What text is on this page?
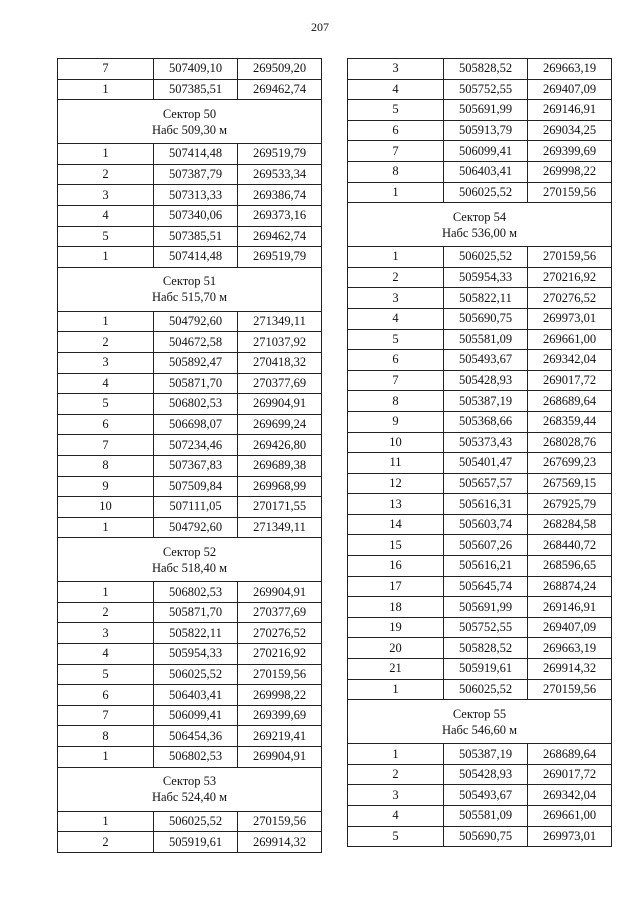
207
7	507409,10	269509,20
1	507385,51	269462,74

Сектор 50
Набс 509,30 м		

1	507414,48	269519,79
2	507387,79	269533,34
3	507313,33	269386,74
4	507340,06	269373,16
5	507385,51	269462,74
1	507414,48	269519,79

Сектор 51
Набс 515,70 м		

1	504792,60	271349,11
2	504672,58	271037,92
3	505892,47	270418,32
4	505871,70	270377,69
5	506802,53	269904,91
6	506698,07	269699,24
7	507234,46	269426,80
8	507367,83	269689,38
9	507509,84	269968,99
10	507111,05	270171,55
1	504792,60	271349,11

Сектор 52
Набс 518,40 м		

1	506802,53	269904,91
2	505871,70	270377,69
3	505822,11	270276,52
4	505954,33	270216,92
5	506025,52	270159,56
6	506403,41	269998,22
7	506099,41	269399,69
8	506454,36	269219,41
1	506802,53	269904,91

Сектор 53
Набс 524,40 м		

1	506025,52	270159,56
2	505919,61	269914,32
3	505828,52	269663,19
4	505752,55	269407,09
5	505691,99	269146,91
6	505913,79	269034,25
7	506099,41	269399,69
8	506403,41	269998,22
1	506025,52	270159,56

Сектор 54
Набс 536,00 м		

1	506025,52	270159,56
2	505954,33	270216,92
3	505822,11	270276,52
4	505690,75	269973,01
5	505581,09	269661,00
6	505493,67	269342,04
7	505428,93	269017,72
8	505387,19	268689,64
9	505368,66	268359,44
10	505373,43	268028,76
11	505401,47	267699,23
12	505657,57	267569,15
13	505616,31	267925,79
14	505603,74	268284,58
15	505607,26	268440,72
16	505616,21	268596,65
17	505645,74	268874,24
18	505691,99	269146,91
19	505752,55	269407,09
20	505828,52	269663,19
21	505919,61	269914,32
1	506025,52	270159,56

Сектор 55
Набс 546,60 м		

1	505387,19	268689,64
2	505428,93	269017,72
3	505493,67	269342,04
4	505581,09	269661,00
5	505690,75	269973,01
